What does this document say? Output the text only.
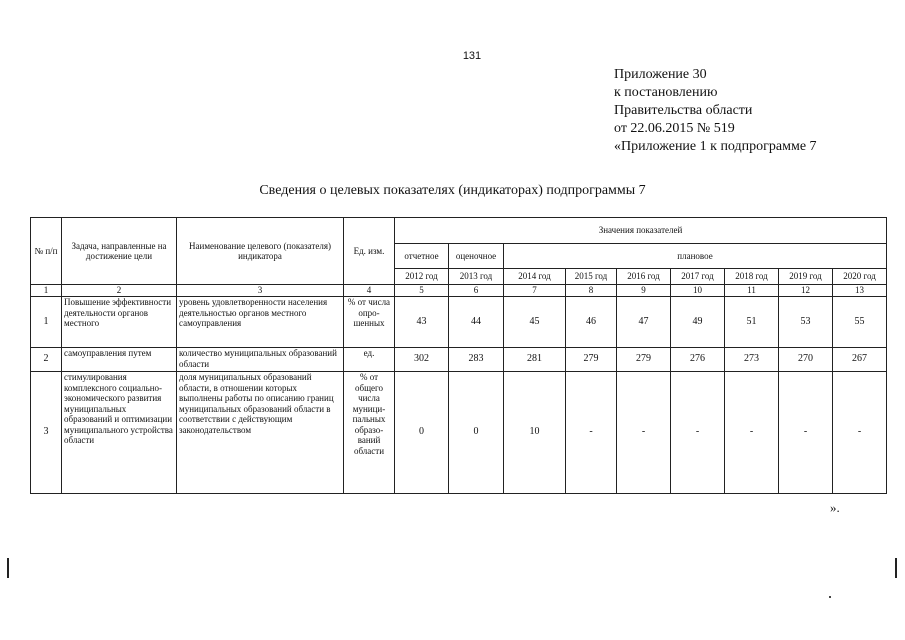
131
Приложение 30
к постановлению
Правительства области
от 22.06.2015 № 519
«Приложение 1 к подпрограмме 7
Сведения о целевых показателях (индикаторах) подпрограммы 7
№ п/п	Задача, направленные на достижение цели	Наименование целевого (показателя) индикатора	Ед. изм.	Значения показателей								
				отчетное	оценочное	плановое						
				2012 год	2013 год	2014 год	2015 год	2016 год	2017 год	2018 год	2019 год	2020 год
1	2	3	4	5	6	7	8	9	10	11	12	13
1	Повышение эффективности деятельности органов местного	уровень удовлетворенности населения деятельностью органов местного самоуправления	% от числа опро-шенных	43	44	45	46	47	49	51	53	55
2	самоуправления путем	количество муниципальных образований области	ед.	302	283	281	279	279	276	273	270	267
3	стимулирования комплексного социально-экономического развития муниципальных образований и оптимизации муниципального устройства области	доля муниципальных образований области, в отношении которых выполнены работы по описанию границ муниципальных образований области в соответствии с действующим законодательством	% от общего числа муници-пальных образо-ваний области	0	0	10	-	-	-	-	-	-
».
